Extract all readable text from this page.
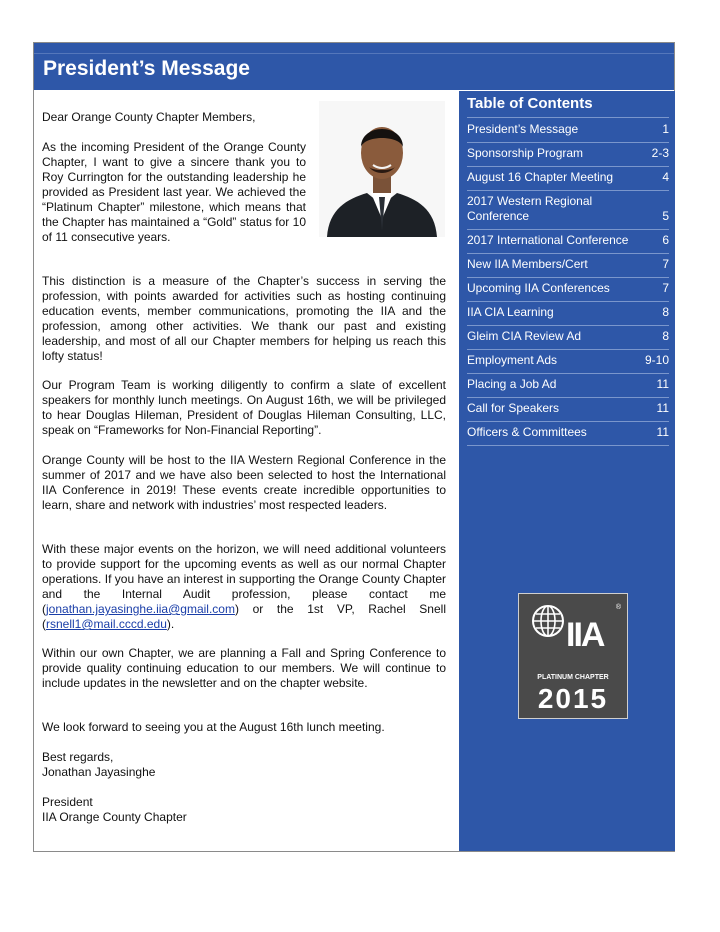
President’s Message
Dear Orange County Chapter Members,
As the incoming President of the Orange County Chapter, I want to give a sincere thank you to Roy Currington for the outstanding leadership he provided as President last year. We achieved the “Platinum Chapter” milestone, which means that the Chapter has maintained a “Gold” status for 10 of 11 consecutive years.
This distinction is a measure of the Chapter’s success in serving the profession, with points awarded for activities such as hosting continuing education events, member communications, promoting the IIA and the profession, among other activities. We thank our past and existing leadership, and most of all our Chapter members for helping us reach this lofty status!
Our Program Team is working diligently to confirm a slate of excellent speakers for monthly lunch meetings. On August 16th, we will be privileged to hear Douglas Hileman, President of Douglas Hileman Consulting, LLC, speak on “Frameworks for Non-Financial Reporting”.
Orange County will be host to the IIA Western Regional Conference in the summer of 2017 and we have also been selected to host the International IIA Conference in 2019! These events create incredible opportunities to learn, share and network with industries’ most respected leaders.
With these major events on the horizon, we will need additional volunteers to provide support for the upcoming events as well as our normal Chapter operations. If you have an interest in supporting the Orange County Chapter and the Internal Audit profession, please contact me (jonathan.jayasinghe.iia@gmail.com) or the 1st VP, Rachel Snell (rsnell1@mail.cccd.edu).
Within our own Chapter, we are planning a Fall and Spring Conference to provide quality continuing education to our members. We will continue to include updates in the newsletter and on the chapter website.
We look forward to seeing you at the August 16th lunch meeting.
Best regards,
Jonathan Jayasinghe
President
IIA Orange County Chapter
Table of Contents
President’s Message	1
Sponsorship Program	2-3
August 16 Chapter Meeting	4
2017 Western Regional Conference	5
2017 International Conference	6
New IIA Members/Cert	7
Upcoming IIA Conferences	7
IIA CIA Learning	8
Gleim CIA Review Ad	8
Employment Ads	9-10
Placing a Job Ad	11
Call for Speakers	11
Officers & Committees	11
IIA
®
PLATINUM CHAPTER
2015
